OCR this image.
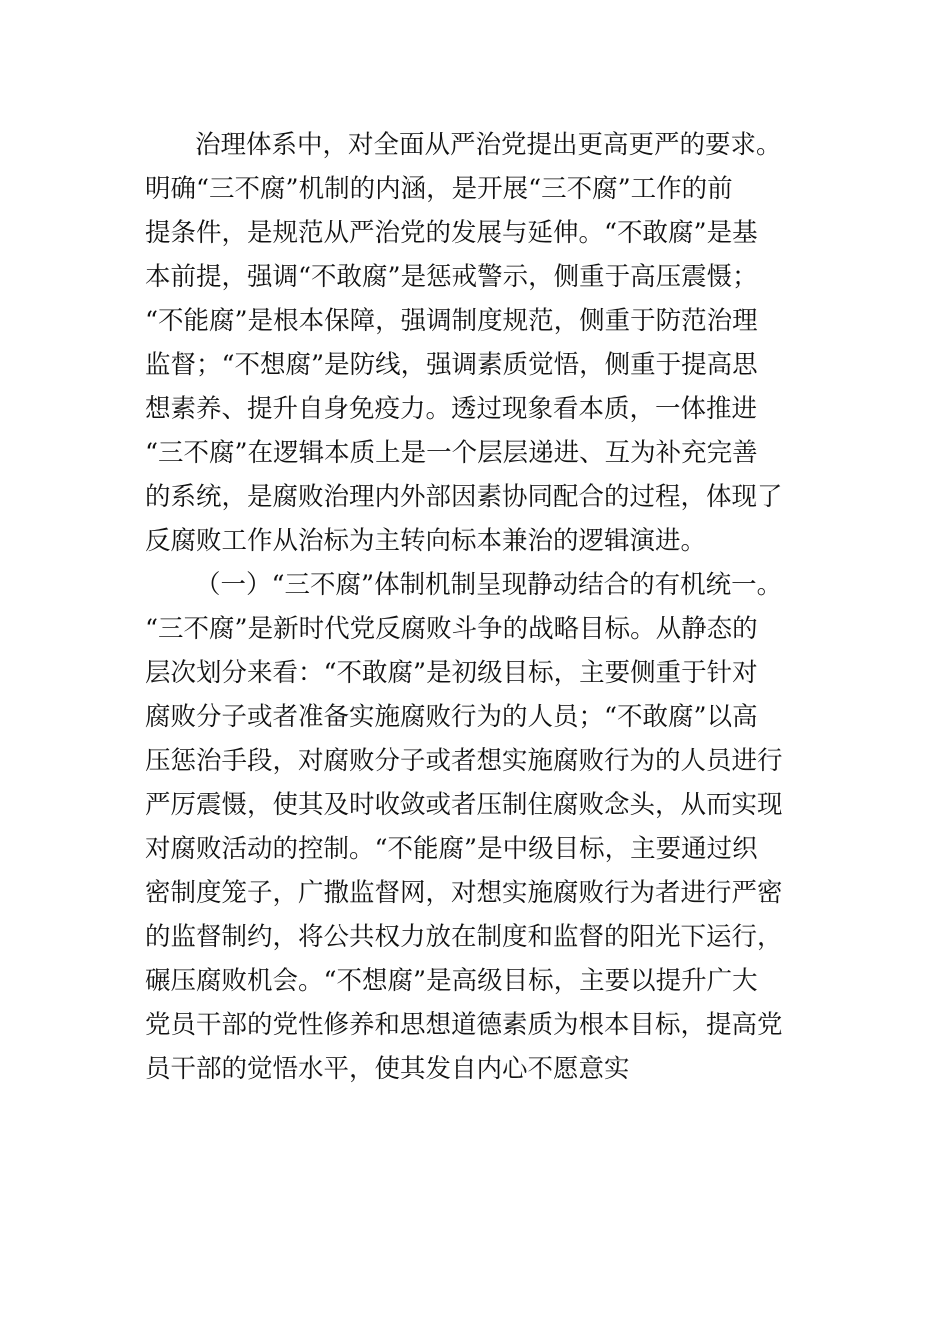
治理体系中，对全面从严治党提出更高更严的要求。
明确“三不腐”机制的内涵，是开展“三不腐”工作的前
提条件，是规范从严治党的发展与延伸。“不敢腐”是基
本前提，强调“不敢腐”是惩戒警示，侧重于高压震慑；
“不能腐”是根本保障，强调制度规范，侧重于防范治理
监督；“不想腐”是防线，强调素质觉悟，侧重于提高思
想素养、提升自身免疫力。透过现象看本质，一体推进
“三不腐”在逻辑本质上是一个层层递进、互为补充完善
的系统，是腐败治理内外部因素协同配合的过程，体现了
反腐败工作从治标为主转向标本兼治的逻辑演进。
（一）“三不腐”体制机制呈现静动结合的有机统一。
“三不腐”是新时代党反腐败斗争的战略目标。从静态的
层次划分来看：“不敢腐”是初级目标，主要侧重于针对
腐败分子或者准备实施腐败行为的人员；“不敢腐”以高
压惩治手段，对腐败分子或者想实施腐败行为的人员进行
严厉震慑，使其及时收敛或者压制住腐败念头，从而实现
对腐败活动的控制。“不能腐”是中级目标，主要通过织
密制度笼子，广撒监督网，对想实施腐败行为者进行严密
的监督制约，将公共权力放在制度和监督的阳光下运行，
碾压腐败机会。“不想腐”是高级目标，主要以提升广大
党员干部的党性修养和思想道德素质为根本目标，提高党
员干部的觉悟水平，使其发自内心不愿意实
